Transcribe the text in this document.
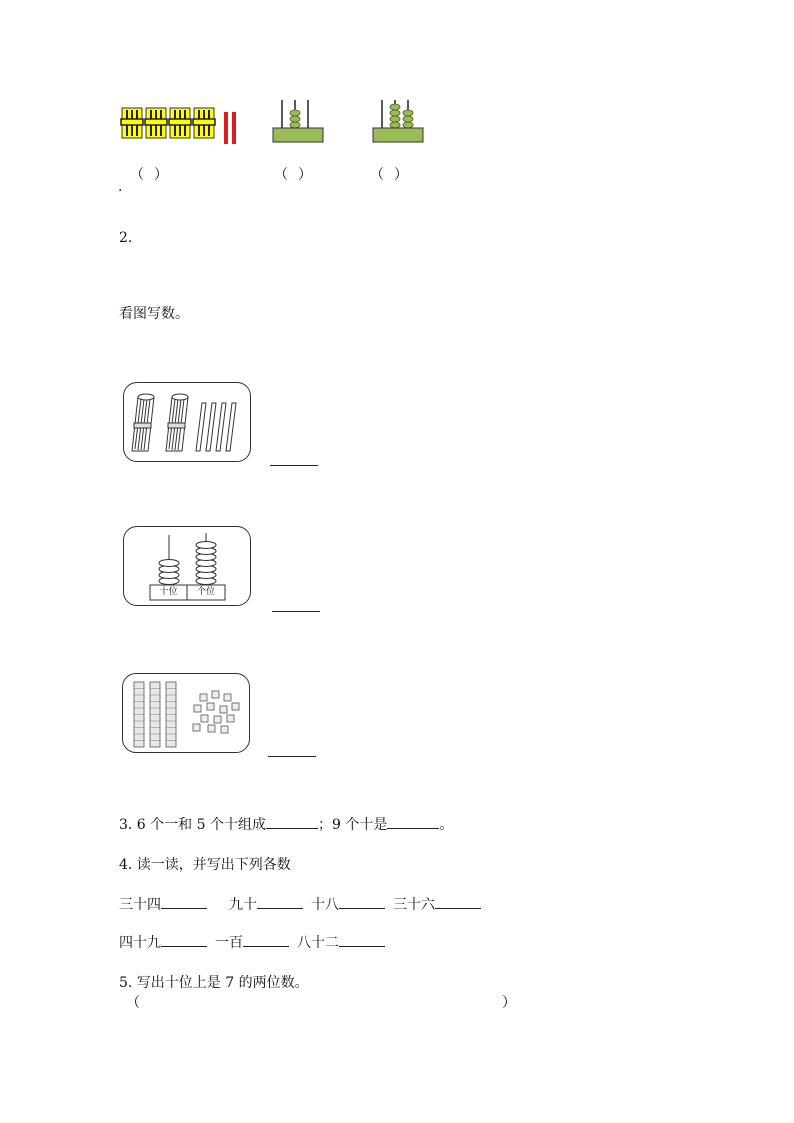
.
（ ）	（ ）	（ ）
2.
看图写数。
十位	个位
3. 6 个一和 5 个十组成	；9 个十是	。
4. 读一读，并写出下列各数
三十四	九十	十八	三十六
四十九	一百	八十二
5. 写出十位上是 7 的两位数。
（	）
